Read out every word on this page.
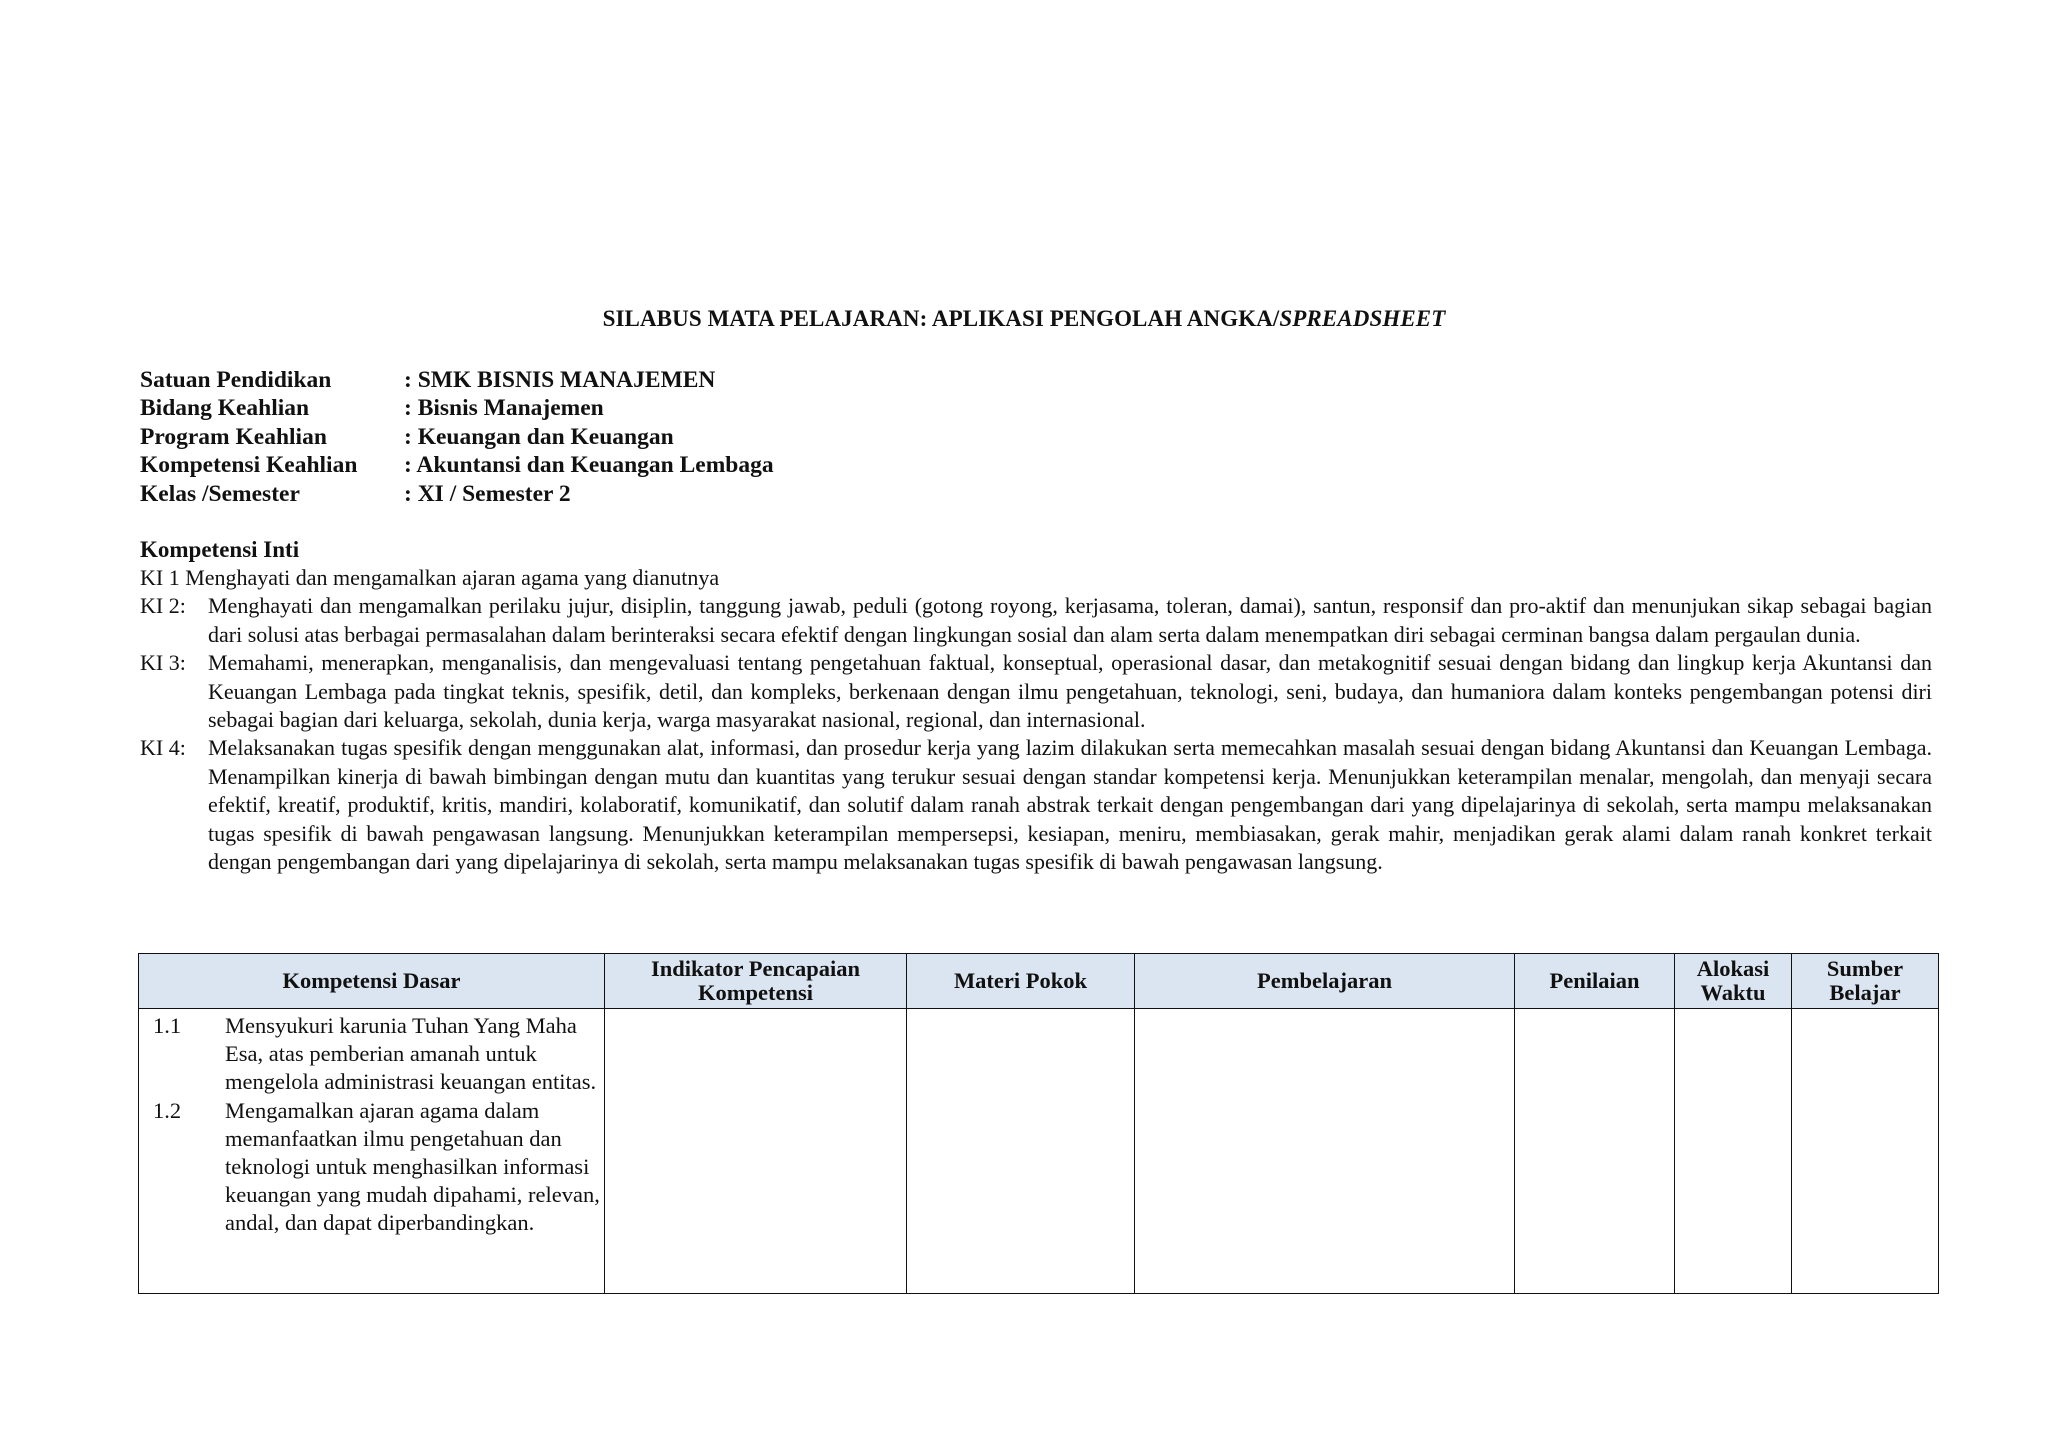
SILABUS MATA PELAJARAN: APLIKASI PENGOLAH ANGKA/SPREADSHEET
Satuan Pendidikan	: SMK BISNIS MANAJEMEN
Bidang Keahlian	: Bisnis Manajemen
Program Keahlian	: Keuangan dan Keuangan
Kompetensi Keahlian	: Akuntansi dan Keuangan Lembaga
Kelas /Semester	: XI / Semester 2
Kompetensi Inti
KI 1 Menghayati dan mengamalkan ajaran agama yang dianutnya
KI 2:	Menghayati dan mengamalkan perilaku jujur, disiplin, tanggung jawab, peduli (gotong royong, kerjasama, toleran, damai), santun, responsif dan pro-aktif dan menunjukan sikap sebagai bagian dari solusi atas berbagai permasalahan dalam berinteraksi secara efektif dengan lingkungan sosial dan alam serta dalam menempatkan diri sebagai cerminan bangsa dalam pergaulan dunia.
KI 3:	Memahami, menerapkan, menganalisis, dan mengevaluasi tentang pengetahuan faktual, konseptual, operasional dasar, dan metakognitif sesuai dengan bidang dan lingkup kerja Akuntansi dan Keuangan Lembaga pada tingkat teknis, spesifik, detil, dan kompleks, berkenaan dengan ilmu pengetahuan, teknologi, seni, budaya, dan humaniora dalam konteks pengembangan potensi diri sebagai bagian dari keluarga, sekolah, dunia kerja, warga masyarakat nasional, regional, dan internasional.
KI 4:	Melaksanakan tugas spesifik dengan menggunakan alat, informasi, dan prosedur kerja yang lazim dilakukan serta memecahkan masalah sesuai dengan bidang Akuntansi dan Keuangan Lembaga. Menampilkan kinerja di bawah bimbingan dengan mutu dan kuantitas yang terukur sesuai dengan standar kompetensi kerja. Menunjukkan keterampilan menalar, mengolah, dan menyaji secara efektif, kreatif, produktif, kritis, mandiri, kolaboratif, komunikatif, dan solutif dalam ranah abstrak terkait dengan pengembangan dari yang dipelajarinya di sekolah, serta mampu melaksanakan tugas spesifik di bawah pengawasan langsung. Menunjukkan keterampilan mempersepsi, kesiapan, meniru, membiasakan, gerak mahir, menjadikan gerak alami dalam ranah konkret terkait dengan pengembangan dari yang dipelajarinya di sekolah, serta mampu melaksanakan tugas spesifik di bawah pengawasan langsung.
Kompetensi Dasar	Indikator Pencapaian Kompetensi	Materi Pokok	Pembelajaran	Penilaian	Alokasi Waktu	Sumber Belajar

1.1 Mensyukuri karunia Tuhan Yang Maha Esa, atas pemberian amanah untuk mengelola administrasi keuangan entitas.
1.2 Mengamalkan ajaran agama dalam memanfaatkan ilmu pengetahuan dan teknologi untuk menghasilkan informasi keuangan yang mudah dipahami, relevan, andal, dan dapat diperbandingkan.						
